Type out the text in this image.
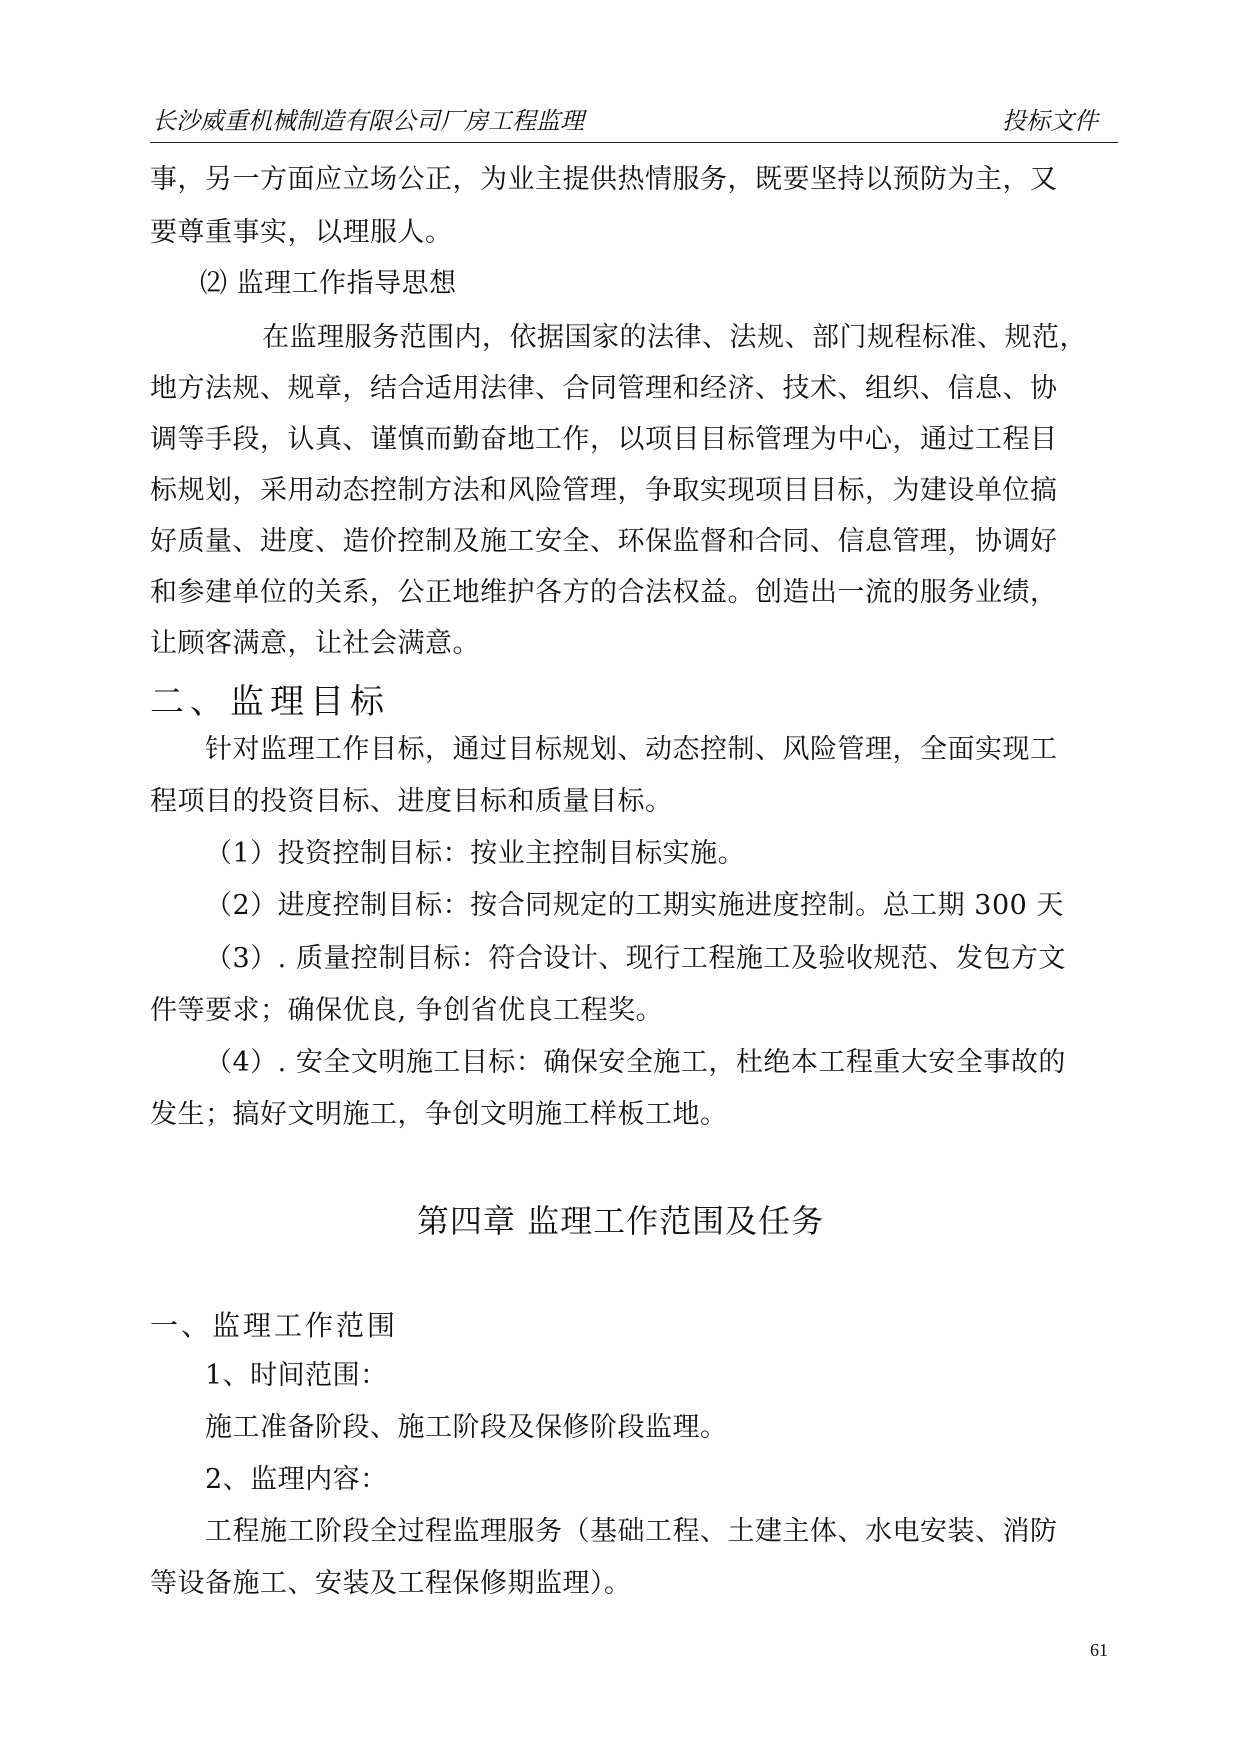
长沙威重机械制造有限公司厂房工程监理	投标文件
事，另一方面应立场公正，为业主提供热情服务，既要坚持以预防为主，又
要尊重事实，以理服人。
⑵ 监理工作指导思想
在监理服务范围内，依据国家的法律、法规、部门规程标准、规范，
地方法规、规章，结合适用法律、合同管理和经济、技术、组织、信息、协
调等手段，认真、谨慎而勤奋地工作，以项目目标管理为中心，通过工程目
标规划，采用动态控制方法和风险管理，争取实现项目目标，为建设单位搞
好质量、进度、造价控制及施工安全、环保监督和合同、信息管理，协调好
和参建单位的关系，公正地维护各方的合法权益。创造出一流的服务业绩，
让顾客满意，让社会满意。
二、监理目标
针对监理工作目标，通过目标规划、动态控制、风险管理，全面实现工
程项目的投资目标、进度目标和质量目标。
（1）投资控制目标：按业主控制目标实施。
（2）进度控制目标：按合同规定的工期实施进度控制。总工期 300 天
（3）. 质量控制目标：符合设计、现行工程施工及验收规范、发包方文
件等要求；确保优良, 争创省优良工程奖。
（4）. 安全文明施工目标：确保安全施工，杜绝本工程重大安全事故的
发生；搞好文明施工，争创文明施工样板工地。
第四章 监理工作范围及任务
一、监理工作范围
1、时间范围：
施工准备阶段、施工阶段及保修阶段监理。
2、监理内容：
工程施工阶段全过程监理服务（基础工程、土建主体、水电安装、消防
等设备施工、安装及工程保修期监理）。
61
